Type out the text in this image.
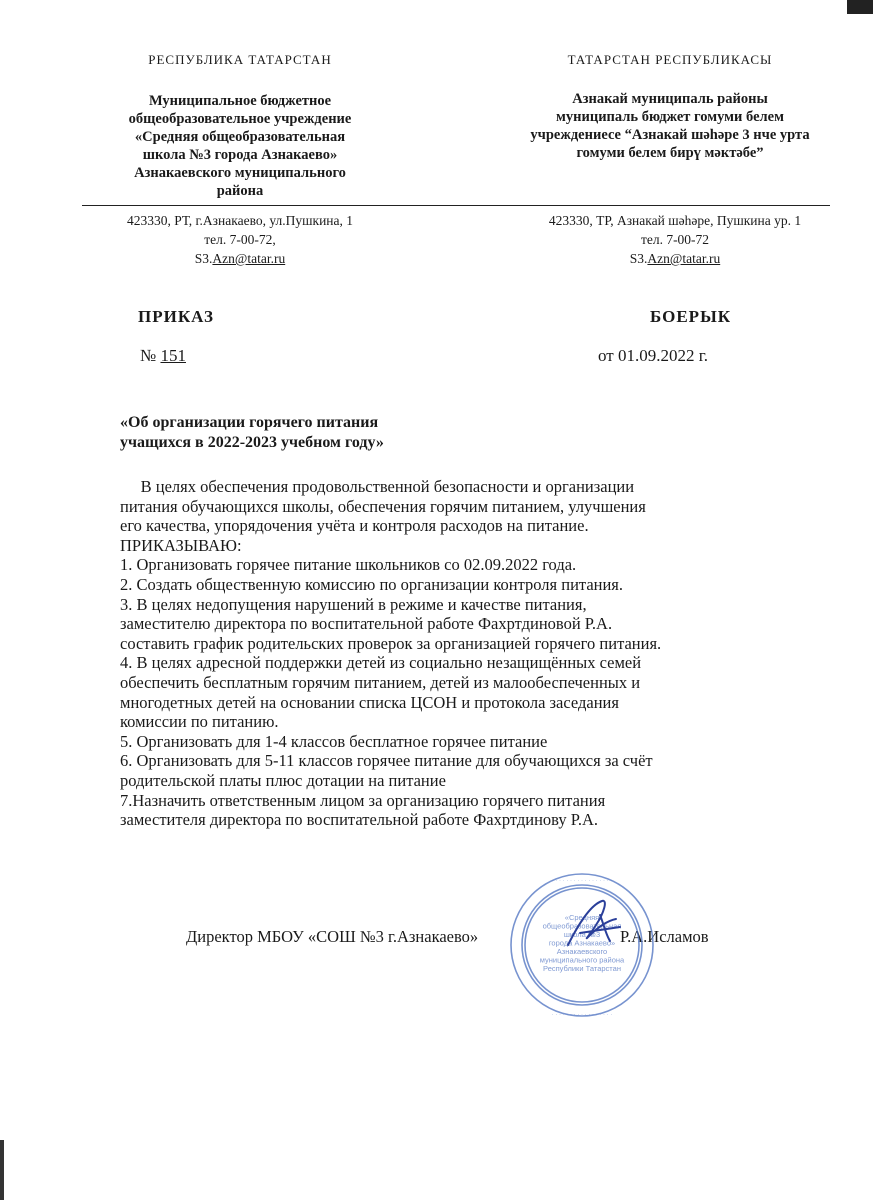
РЕСПУБЛИКА ТАТАРСТАН
Муниципальное бюджетное
общеобразовательное учреждение
«Средняя общеобразовательная
школа №3 города Азнакаево»
Азнакаевского муниципального
района
ТАТАРСТАН РЕСПУБЛИКАСЫ
Азнакай муниципаль районы
муниципаль бюджет гомуми белем
учреждениесе “Азнакай шәһәре 3 нче урта
гомуми белем бирү мәктәбе”
423330, РТ, г.Азнакаево, ул.Пушкина, 1
тел. 7-00-72,
S3.Azn@tatar.ru
423330, ТР, Азнакай шәһәре, Пушкина ур. 1
тел. 7-00-72
S3.Azn@tatar.ru
ПРИКАЗ	БОЕРЫК
№ 151	от 01.09.2022 г.
«Об организации горячего питания
учащихся в 2022-2023 учебном году»
В целях обеспечения продовольственной безопасности и организации
питания обучающихся школы, обеспечения горячим питанием, улучшения
его качества, упорядочения учёта и контроля расходов на питание.
ПРИКАЗЫВАЮ:
1. Организовать горячее питание школьников со 02.09.2022 года.
2. Создать общественную комиссию по организации контроля питания.
3. В целях недопущения нарушений в режиме и качестве питания,
заместителю директора по воспитательной работе Фахртдиновой Р.А.
составить график родительских проверок за организацией горячего питания.
4. В целях адресной поддержки детей из социально незащищённых семей
обеспечить бесплатным горячим питанием, детей из малообеспеченных и
многодетных детей на основании списка ЦСОН и протокола заседания
комиссии по питанию.
5. Организовать для 1-4 классов бесплатное горячее питание
6. Организовать для 5-11 классов горячее питание для обучающихся за счёт
родительской платы плюс дотации на питание
7.Назначить ответственным лицом за организацию горячего питания
заместителя директора по воспитательной работе Фахртдинову Р.А.
Директор МБОУ «СОШ №3 г.Азнакаево»	Р.А.Исламов
«Средняя
общеобразовательная
школа №3
города Азнакаево»
Азнакаевского
муниципального района
Республики Татарстан
· · · · · · · · · · · · · · · · ·
· · · · · · · · · · · · · · · · ·
